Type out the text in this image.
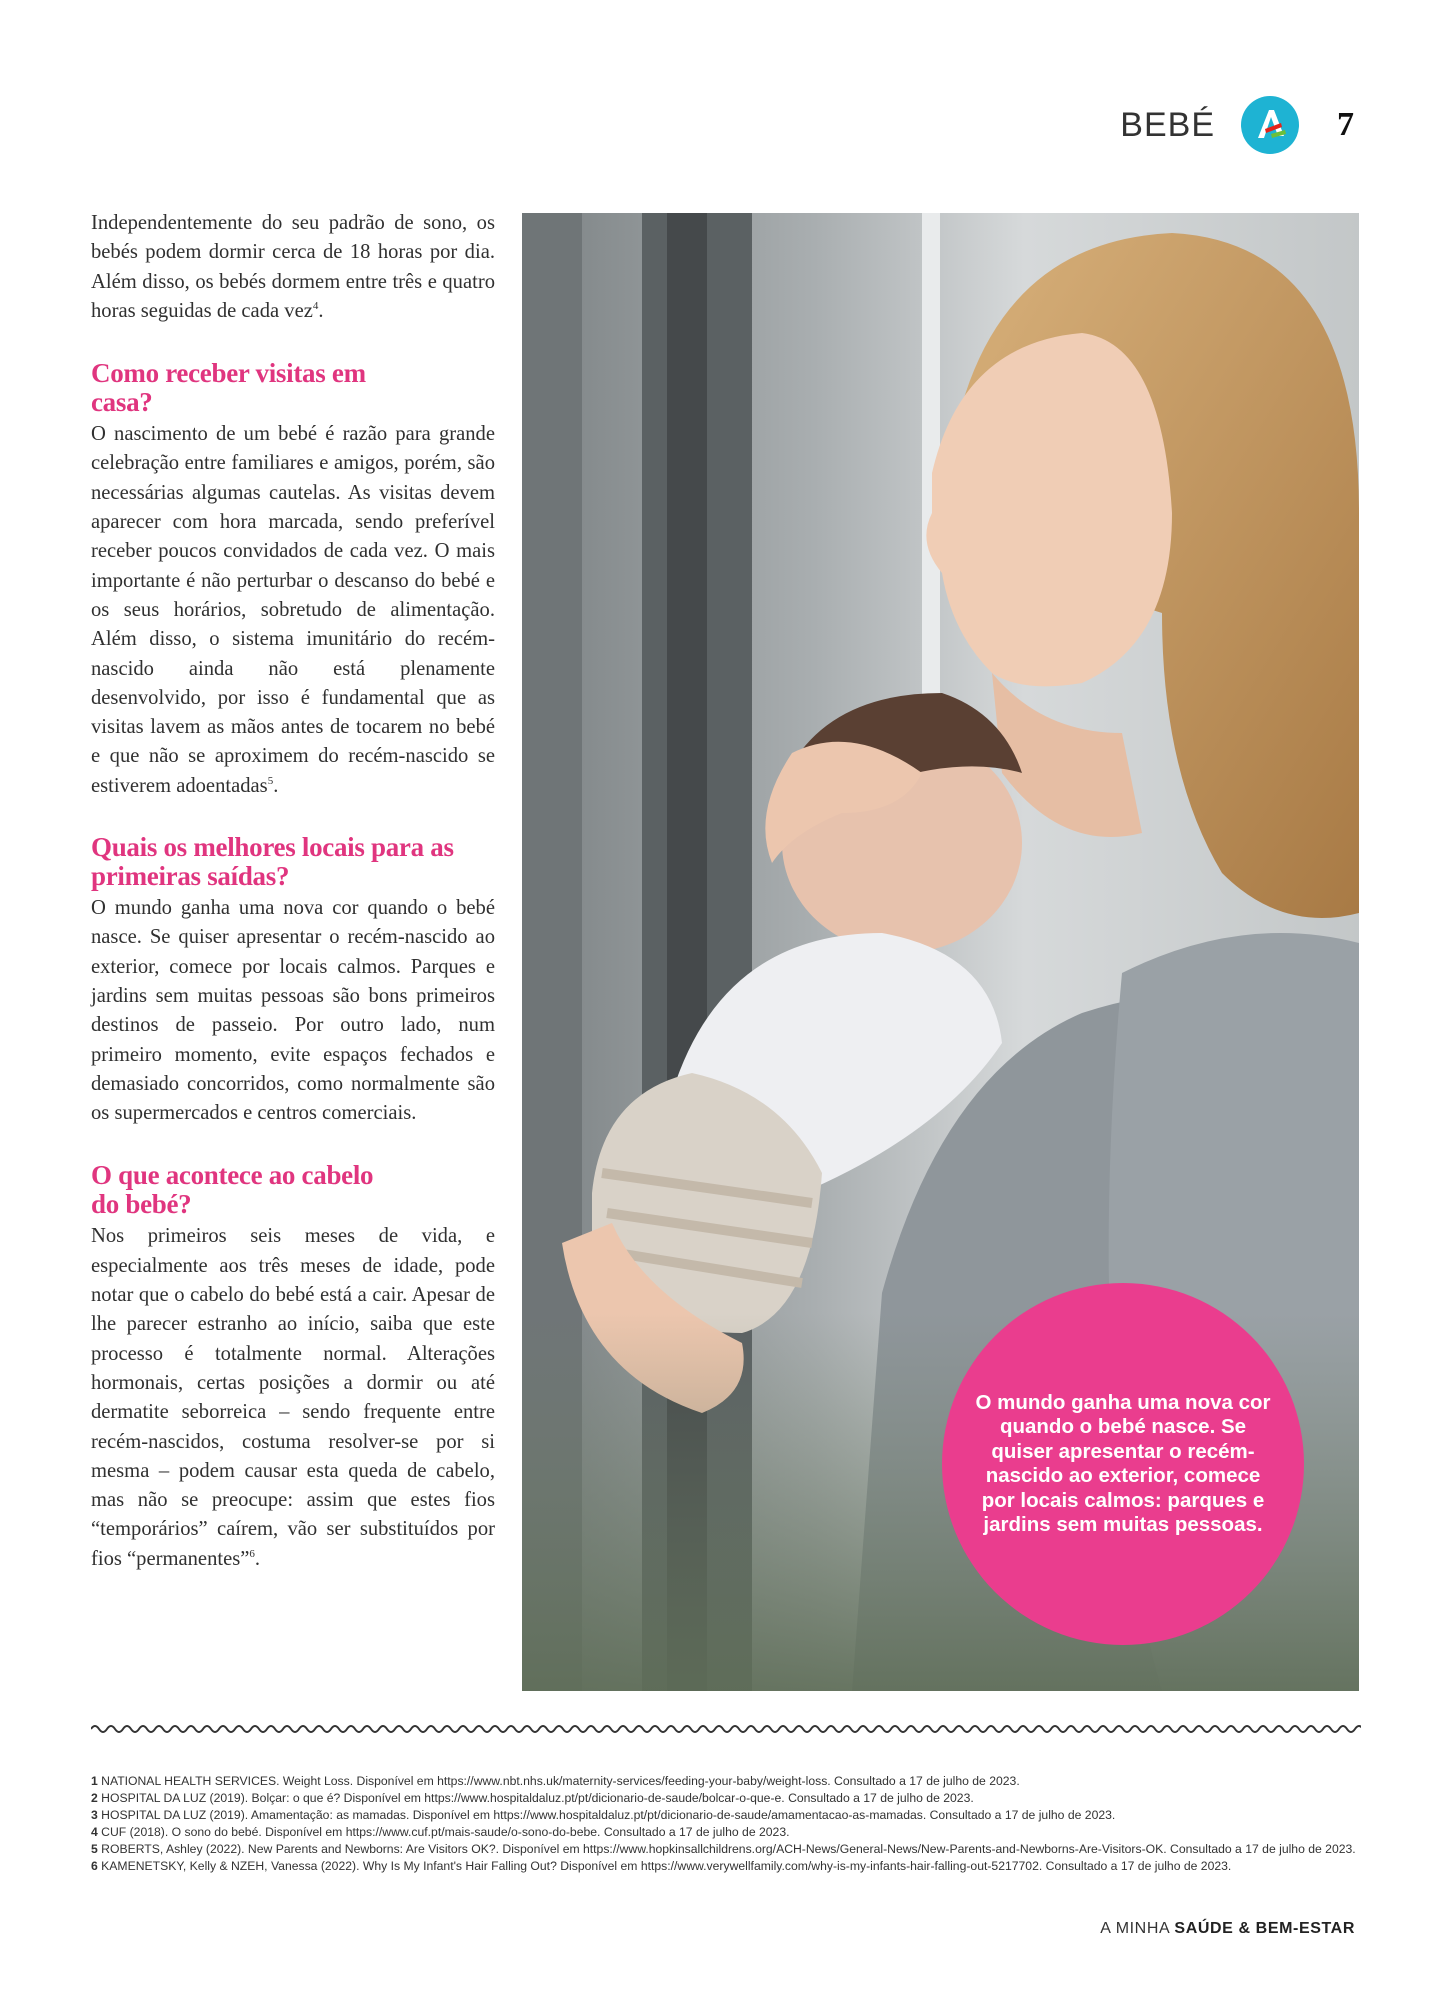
BEBÉ	7

Independentemente do seu padrão de sono, os bebés podem dormir cerca de 18 horas por dia. Além disso, os bebés dormem entre três e quatro horas seguidas de cada vez$^4$.

Como receber visitas em casa?

O nascimento de um bebé é razão para grande celebração entre familiares e amigos, porém, são necessárias algumas cautelas. As visitas devem aparecer com hora marcada, sendo preferível receber poucos convidados de cada vez. O mais importante é não perturbar o descanso do bebé e os seus horários, sobretudo de alimentação. Além disso, o sistema imunitário do recém-nascido ainda não está plenamente desenvolvido, por isso é fundamental que as visitas lavem as mãos antes de tocarem no bebé e que não se aproximem do recém-nascido se estiverem adoentadas$^5$.

Quais os melhores locais para as primeiras saídas?

O mundo ganha uma nova cor quando o bebé nasce. Se quiser apresentar o recém-nascido ao exterior, comece por locais calmos. Parques e jardins sem muitas pessoas são bons primeiros destinos de passeio. Por outro lado, num primeiro momento, evite espaços fechados e demasiado concorridos, como normalmente são os supermercados e centros comerciais.

O que acontece ao cabelo do bebé?

Nos primeiros seis meses de vida, e especialmente aos três meses de idade, pode notar que o cabelo do bebé está a cair. Apesar de lhe parecer estranho ao início, saiba que este processo é totalmente normal. Alterações hormonais, certas posições a dormir ou até dermatite seborreica – sendo frequente entre recém-nascidos, costuma resolver-se por si mesma – podem causar esta queda de cabelo, mas não se preocupe: assim que estes fios “temporários” caírem, vão ser substituídos por fios “permanentes”$^6$.

O mundo ganha uma nova cor quando o bebé nasce. Se quiser apresentar o recém-nascido ao exterior, comece por locais calmos: parques e jardins sem muitas pessoas.

1 NATIONAL HEALTH SERVICES. Weight Loss. Disponível em https://www.nbt.nhs.uk/maternity-services/feeding-your-baby/weight-loss. Consultado a 17 de julho de 2023.

2 HOSPITAL DA LUZ (2019). Bolçar: o que é? Disponível em https://www.hospitaldaluz.pt/pt/dicionario-de-saude/bolcar-o-que-e. Consultado a 17 de julho de 2023.

3 HOSPITAL DA LUZ (2019). Amamentação: as mamadas. Disponível em https://www.hospitaldaluz.pt/pt/dicionario-de-saude/amamentacao-as-mamadas. Consultado a 17 de julho de 2023.

4 CUF (2018). O sono do bebé. Disponível em https://www.cuf.pt/mais-saude/o-sono-do-bebe. Consultado a 17 de julho de 2023.

5 ROBERTS, Ashley (2022). New Parents and Newborns: Are Visitors OK?. Disponível em https://www.hopkinsallchildrens.org/ACH-News/General-News/New-Parents-and-Newborns-Are-Visitors-OK. Consultado a 17 de julho de 2023.

6 KAMENETSKY, Kelly & NZEH, Vanessa (2022). Why Is My Infant's Hair Falling Out? Disponível em https://www.verywellfamily.com/why-is-my-infants-hair-falling-out-5217702. Consultado a 17 de julho de 2023.

A MINHA SAÚDE & BEM-ESTAR
